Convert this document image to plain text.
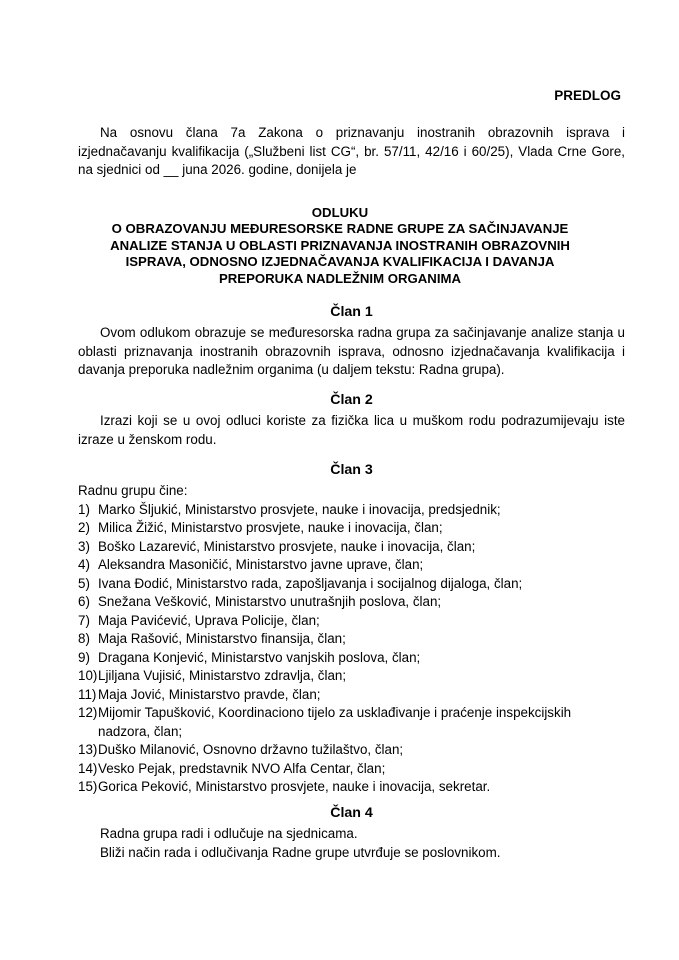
PREDLOG

Na osnovu člana 7a Zakona o priznavanju inostranih obrazovnih isprava i izjednačavanju kvalifikacija („Službeni list CG“, br. 57/11, 42/16 i 60/25), Vlada Crne Gore, na sjednici od __ juna 2026. godine, donijela je

ODLUKU
O OBRAZOVANJU MEĐURESORSKE RADNE GRUPE ZA SAČINJAVANJE
ANALIZE STANJA U OBLASTI PRIZNAVANJA INOSTRANIH OBRAZOVNIH
ISPRAVA, ODNOSNO IZJEDNAČAVANJA KVALIFIKACIJA I DAVANJA
PREPORUKA NADLEŽNIM ORGANIMA
Član 1

Ovom odlukom obrazuje se međuresorska radna grupa za sačinjavanje analize stanja u oblasti priznavanja inostranih obrazovnih isprava, odnosno izjednačavanja kvalifikacija i davanja preporuka nadležnim organima (u daljem tekstu: Radna grupa).

Član 2

Izrazi koji se u ovoj odluci koriste za fizička lica u muškom rodu podrazumijevaju iste izraze u ženskom rodu.

Član 3

Radnu grupu čine:

1) Marko Šljukić, Ministarstvo prosvjete, nauke i inovacija, predsjednik;
2) Milica Žižić, Ministarstvo prosvjete, nauke i inovacija, član;
3) Boško Lazarević, Ministarstvo prosvjete, nauke i inovacija, član;
4) Aleksandra Masoničić, Ministarstvo javne uprave, član;
5) Ivana Đodić, Ministarstvo rada, zapošljavanja i socijalnog dijaloga, član;
6) Snežana Vešković, Ministarstvo unutrašnjih poslova, član;
7) Maja Pavićević, Uprava Policije, član;
8) Maja Rašović, Ministarstvo finansija, član;
9) Dragana Konjević, Ministarstvo vanjskih poslova, član;
10) Ljiljana Vujisić, Ministarstvo zdravlja, član;
11) Maja Jović, Ministarstvo pravde, član;
12) Mijomir Tapušković, Koordinaciono tijelo za usklađivanje i praćenje inspekcijskih nadzora, član;
13) Duško Milanović, Osnovno državno tužilaštvo, član;
14) Vesko Pejak, predstavnik NVO Alfa Centar, član;
15) Gorica Peković, Ministarstvo prosvjete, nauke i inovacija, sekretar.
Član 4

Radna grupa radi i odlučuje na sjednicama.

Bliži način rada i odlučivanja Radne grupe utvrđuje se poslovnikom.
